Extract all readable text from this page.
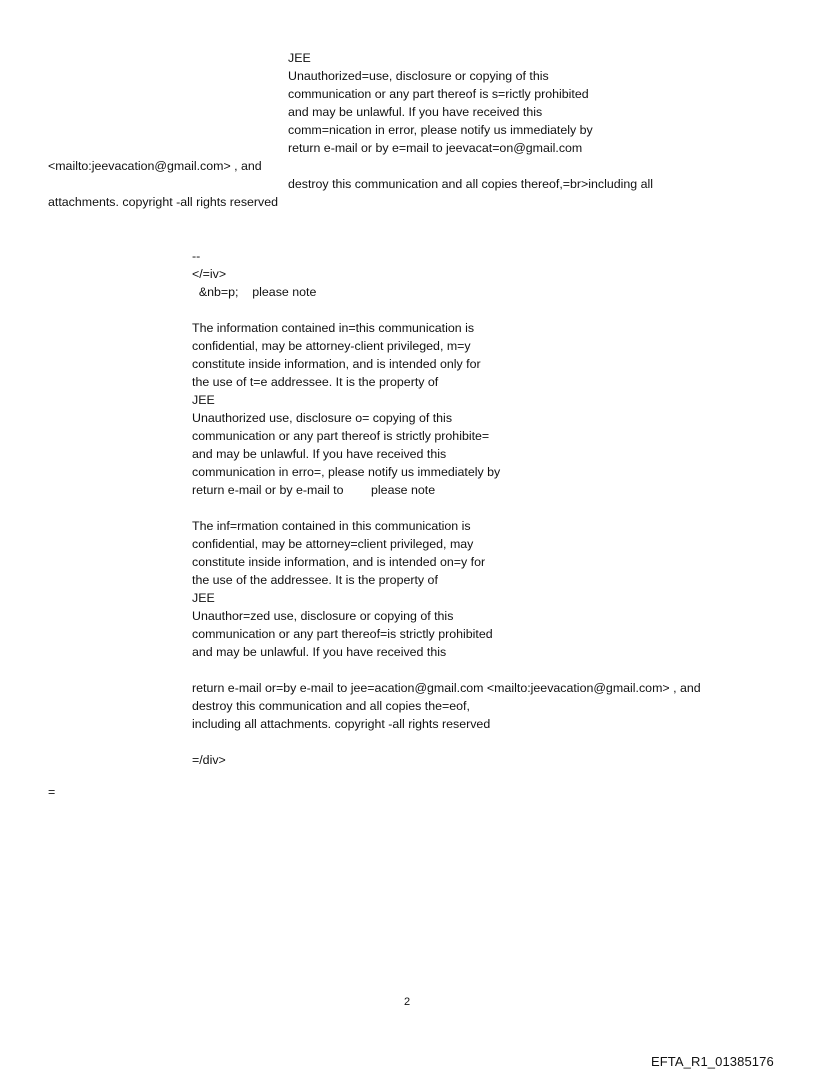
JEE
Unauthorized=use, disclosure or copying of this
communication or any part thereof is s=rictly prohibited
and may be unlawful. If you have received this
comm=nication in error, please notify us immediately by
return e-mail or by e=mail to jeevacat=on@gmail.com
<mailto:jeevacation@gmail.com> , and
destroy this communication and all copies thereof,=br>including all
attachments. copyright -all rights reserved
--
</=iv>
&nb=p;    please note
The information contained in=this communication is
confidential, may be attorney-client privileged, m=y
constitute inside information, and is intended only for
the use of t=e addressee. It is the property of
JEE
Unauthorized use, disclosure o= copying of this
communication or any part thereof is strictly prohibite=
and may be unlawful. If you have received this
communication in erro=, please notify us immediately by
return e-mail or by e-mail to        please note
The inf=rmation contained in this communication is
confidential, may be attorney=client privileged, may
constitute inside information, and is intended on=y for
the use of the addressee. It is the property of
JEE
Unauthor=zed use, disclosure or copying of this
communication or any part thereof=is strictly prohibited
and may be unlawful. If you have received this
return e-mail or=by e-mail to jee=acation@gmail.com <mailto:jeevacation@gmail.com> , and
destroy this communication and all copies the=eof,
including all attachments. copyright -all rights reserved
=/div>
=
2
EFTA_R1_01385176
